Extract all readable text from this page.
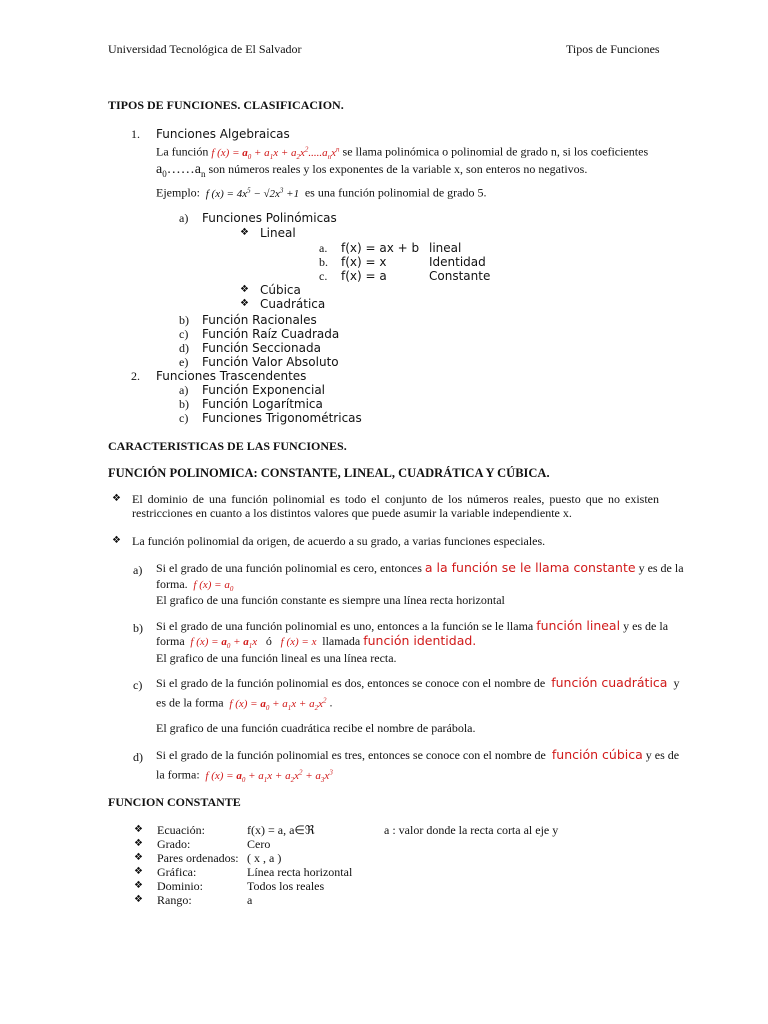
Universidad Tecnológica de El Salvador	Tipos de Funciones
TIPOS DE FUNCIONES. CLASIFICACION.
1. Funciones Algebraicas
La función f $(x) = a_0 + a_1x + a_2x^2.....a_nx^n$ se llama polinómica o polinomial de grado n, si los coeficientes
$a_0\dots\dots a_n$ son números reales y los exponentes de la variable x, son enteros no negativos.
Ejemplo:  f $(x) = 4x^5 - √2x^3 +1$  es una función polinomial de grado 5.
a) Funciones Polinómicas
❖ Lineal
a. f(x) = ax + b lineal
b. f(x) = x	Identidad
c. f(x) = a	Constante
❖ Cúbica
❖ Cuadrática
b) Función Racionales
c) Función Raíz Cuadrada
d) Función Seccionada
e) Función Valor Absoluto
2. Funciones Trascendentes
a) Función Exponencial
b) Función Logarítmica
c) Funciones Trigonométricas
CARACTERISTICAS DE LAS FUNCIONES.
FUNCIÓN POLINOMICA: CONSTANTE, LINEAL, CUADRÁTICA Y CÚBICA.
❖ El dominio de una función polinomial es todo el conjunto de los números reales, puesto que no existen restricciones en cuanto a los distintos valores que puede asumir la variable independiente x.
❖ La función polinomial da origen, de acuerdo a su grado, a varias funciones especiales.
a) Si el grado de una función polinomial es cero, entonces a la función se le llama constante y es de la
forma.  f $(x) = a_0$
El grafico de una función constante es siempre una línea recta horizontal
b) Si el grado de una función polinomial es uno, entonces a la función se le llama función lineal y es de la
forma  f $(x) = a_0 + a_1x$   ó   f (x) = x  llamada función identidad.
El grafico de una función lineal es una línea recta.
c) Si el grado de la función polinomial es dos, entonces se conoce con el nombre de función cuadrática y
es de la forma  f $(x) = a_0 + a_1x + a_2x^2$ .
El grafico de una función cuadrática recibe el nombre de parábola.
d) Si el grado de la función polinomial es tres, entonces se conoce con el nombre de función cúbica y es de
la forma:  f $(x) = a_0 + a_1x + a_2x^2 + a_3x^3$
FUNCION CONSTANTE
❖ Ecuación:	f(x) = a, a∈ℜ	a : valor donde la recta corta al eje y
❖ Grado:	Cero
❖ Pares ordenados: ( x , a )
❖ Gráfica:	Línea recta horizontal
❖ Dominio:	Todos los reales
❖ Rango:	a
